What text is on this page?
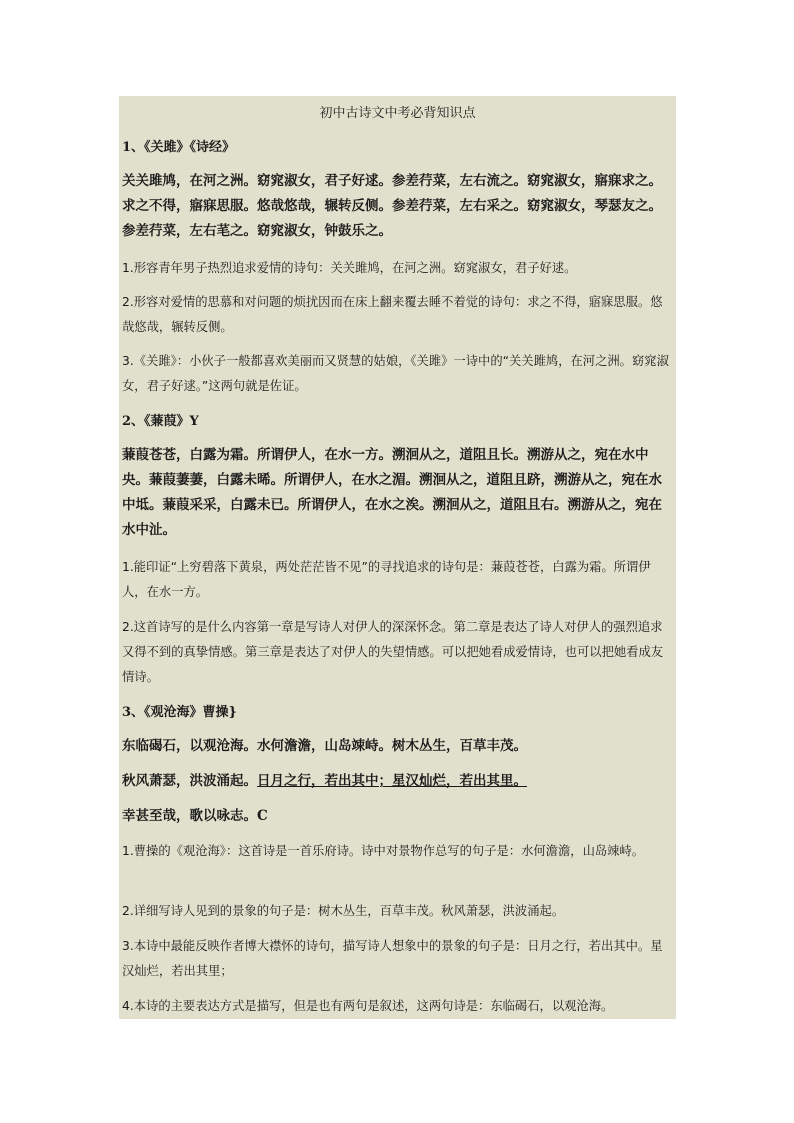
初中古诗文中考必背知识点
1、《关雎》《诗经》

关关雎鸠，在河之洲。窈窕淑女，君子好逑。参差荇菜，左右流之。窈窕淑女，寤寐求之。求之不得，寤寐思服。悠哉悠哉，辗转反侧。参差荇菜，左右采之。窈窕淑女，琴瑟友之。参差荇菜，左右芼之。窈窕淑女，钟鼓乐之。

1.形容青年男子热烈追求爱情的诗句：关关雎鸠，在河之洲。窈窕淑女，君子好逑。

2.形容对爱情的思慕和对问题的烦扰因而在床上翻来覆去睡不着觉的诗句：求之不得，寤寐思服。悠哉悠哉，辗转反侧。

3.《关雎》：小伙子一般都喜欢美丽而又贤慧的姑娘，《关雎》一诗中的“关关雎鸠，在河之洲。窈窕淑女，君子好逑。”这两句就是佐证。

2、《蒹葭》Y

蒹葭苍苍，白露为霜。所谓伊人，在水一方。溯洄从之，道阻且长。溯游从之，宛在水中央。蒹葭萋萋，白露未晞。所谓伊人，在水之湄。溯洄从之，道阻且跻，溯游从之，宛在水中坻。蒹葭采采，白露未已。所谓伊人，在水之涘。溯洄从之，道阻且右。溯游从之，宛在水中沚。

1.能印证“上穷碧落下黄泉，两处茫茫皆不见”的寻找追求的诗句是：蒹葭苍苍，白露为霜。所谓伊人，在水一方。

2.这首诗写的是什么内容第一章是写诗人对伊人的深深怀念。第二章是表达了诗人对伊人的强烈追求又得不到的真挚情感。第三章是表达了对伊人的失望情感。可以把她看成爱情诗，也可以把她看成友情诗。

3、《观沧海》曹操}

东临碣石，以观沧海。水何澹澹，山岛竦峙。树木丛生，百草丰茂。

秋风萧瑟，洪波涌起。日月之行，若出其中；星汉灿烂，若出其里。

幸甚至哉，歌以咏志。C

1.曹操的《观沧海》：这首诗是一首乐府诗。诗中对景物作总写的句子是：水何澹澹，山岛竦峙。

2.详细写诗人见到的景象的句子是：树木丛生，百草丰茂。秋风萧瑟，洪波涌起。

3.本诗中最能反映作者博大襟怀的诗句，描写诗人想象中的景象的句子是：日月之行，若出其中。星汉灿烂，若出其里；

4.本诗的主要表达方式是描写，但是也有两句是叙述，这两句诗是：东临碣石，以观沧海。
